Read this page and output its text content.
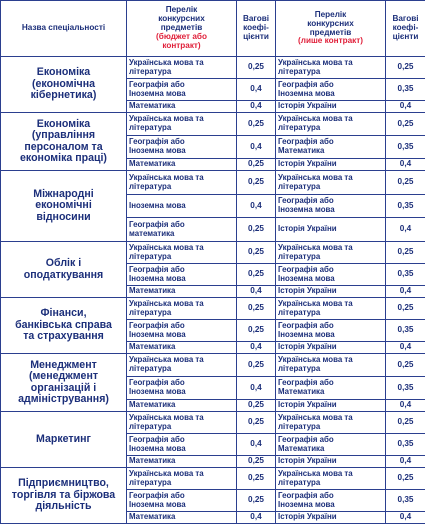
Назва спеціальності	Перелік
конкурсних
предметів
(бюджет або
контракт)	Вагові
коефі-
цієнти	Перелік
конкурсних
предметів
(лише контракт)	Вагові
коефі-
цієнти

Економіка
(економічна
кібернетика)	Українська мова та
література	0,25	Українська мова та
література	0,25

	Географія або
Іноземна мова	0,4	Географія або
Іноземна мова	0,35

	Математика	0,4	Історія України	0,4

Економіка
(управління
персоналом та
економіка праці)	Українська мова та
література	0,25	Українська мова та
література	0,25

	Географія або
Іноземна мова	0,4	Географія або
Математика	0,35

	Математика	0,25	Історія України	0,4

Міжнародні
економічні
відносини	Українська мова та
література	0,25	Українська мова та
література	0,25

	Іноземна мова	0,4	Географія або
Іноземна мова	0,35

	Географія або
математика	0,25	Історія України	0,4

Облік і
оподаткування	Українська мова та
література	0,25	Українська мова та
література	0,25

	Географія або
Іноземна мова	0,25	Географія або
Іноземна мова	0,35

	Математика	0,4	Історія України	0,4

Фінанси,
банківська справа
та страхування	Українська мова та
література	0,25	Українська мова та
література	0,25

	Географія або
Іноземна мова	0,25	Географія або
Іноземна мова	0,35

	Математика	0,4	Історія України	0,4

Менеджмент
(менеджмент
організацій і
адміністрування)	Українська мова та
література	0,25	Українська мова та
література	0,25

	Географія або
Іноземна мова	0,4	Географія або
Математика	0,35

	Математика	0,25	Історія України	0,4

Маркетинг	Українська мова та
література	0,25	Українська мова та
література	0,25

	Географія або
Іноземна мова	0,4	Географія або
Математика	0,35

	Математика	0,25	Історія України	0,4

Підприємництво,
торгівля та біржова
діяльність	Українська мова та
література	0,25	Українська мова та
література	0,25

	Географія або
Іноземна мова	0,25	Географія або
Іноземна мова	0,35

	Математика	0,4	Історія України	0,4
